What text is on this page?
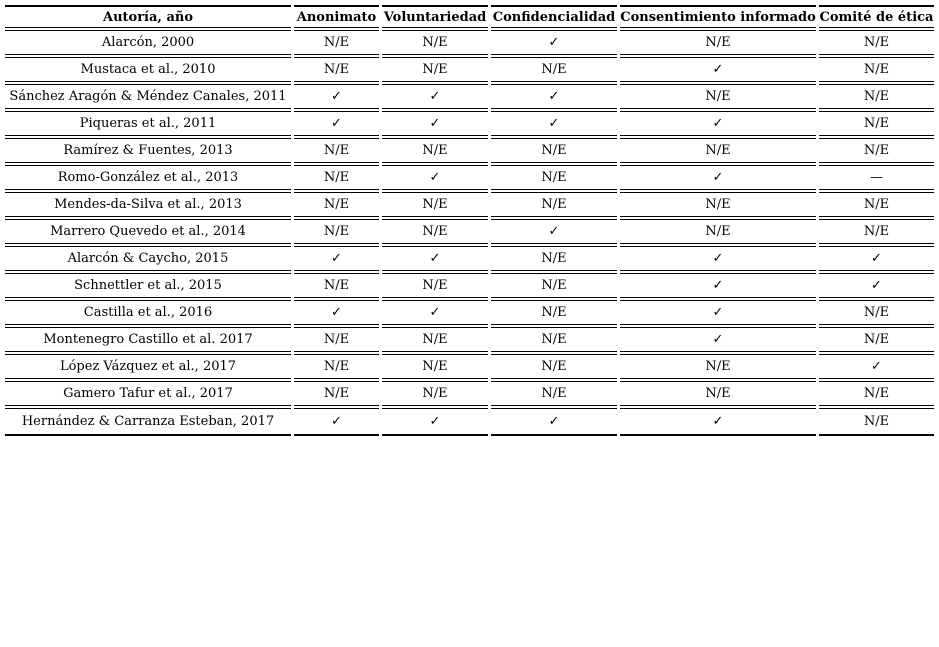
Autoría, año	Anonimato	Voluntariedad	Confidencialidad	Consentimiento informado	Comité de ética
Alarcón, 2000	N/E	N/E	✓	N/E	N/E
Mustaca et al., 2010	N/E	N/E	N/E	✓	N/E
Sánchez Aragón & Méndez Canales, 2011	✓	✓	✓	N/E	N/E
Piqueras et al., 2011	✓	✓	✓	✓	N/E
Ramírez & Fuentes, 2013	N/E	N/E	N/E	N/E	N/E
Romo-González et al., 2013	N/E	✓	N/E	✓	—
Mendes-da-Silva et al., 2013	N/E	N/E	N/E	N/E	N/E
Marrero Quevedo et al., 2014	N/E	N/E	✓	N/E	N/E
Alarcón & Caycho, 2015	✓	✓	N/E	✓	✓
Schnettler et al., 2015	N/E	N/E	N/E	✓	✓
Castilla et al., 2016	✓	✓	N/E	✓	N/E
Montenegro Castillo et al. 2017	N/E	N/E	N/E	✓	N/E
López Vázquez et al., 2017	N/E	N/E	N/E	N/E	✓
Gamero Tafur et al., 2017	N/E	N/E	N/E	N/E	N/E
Hernández & Carranza Esteban, 2017	✓	✓	✓	✓	N/E
